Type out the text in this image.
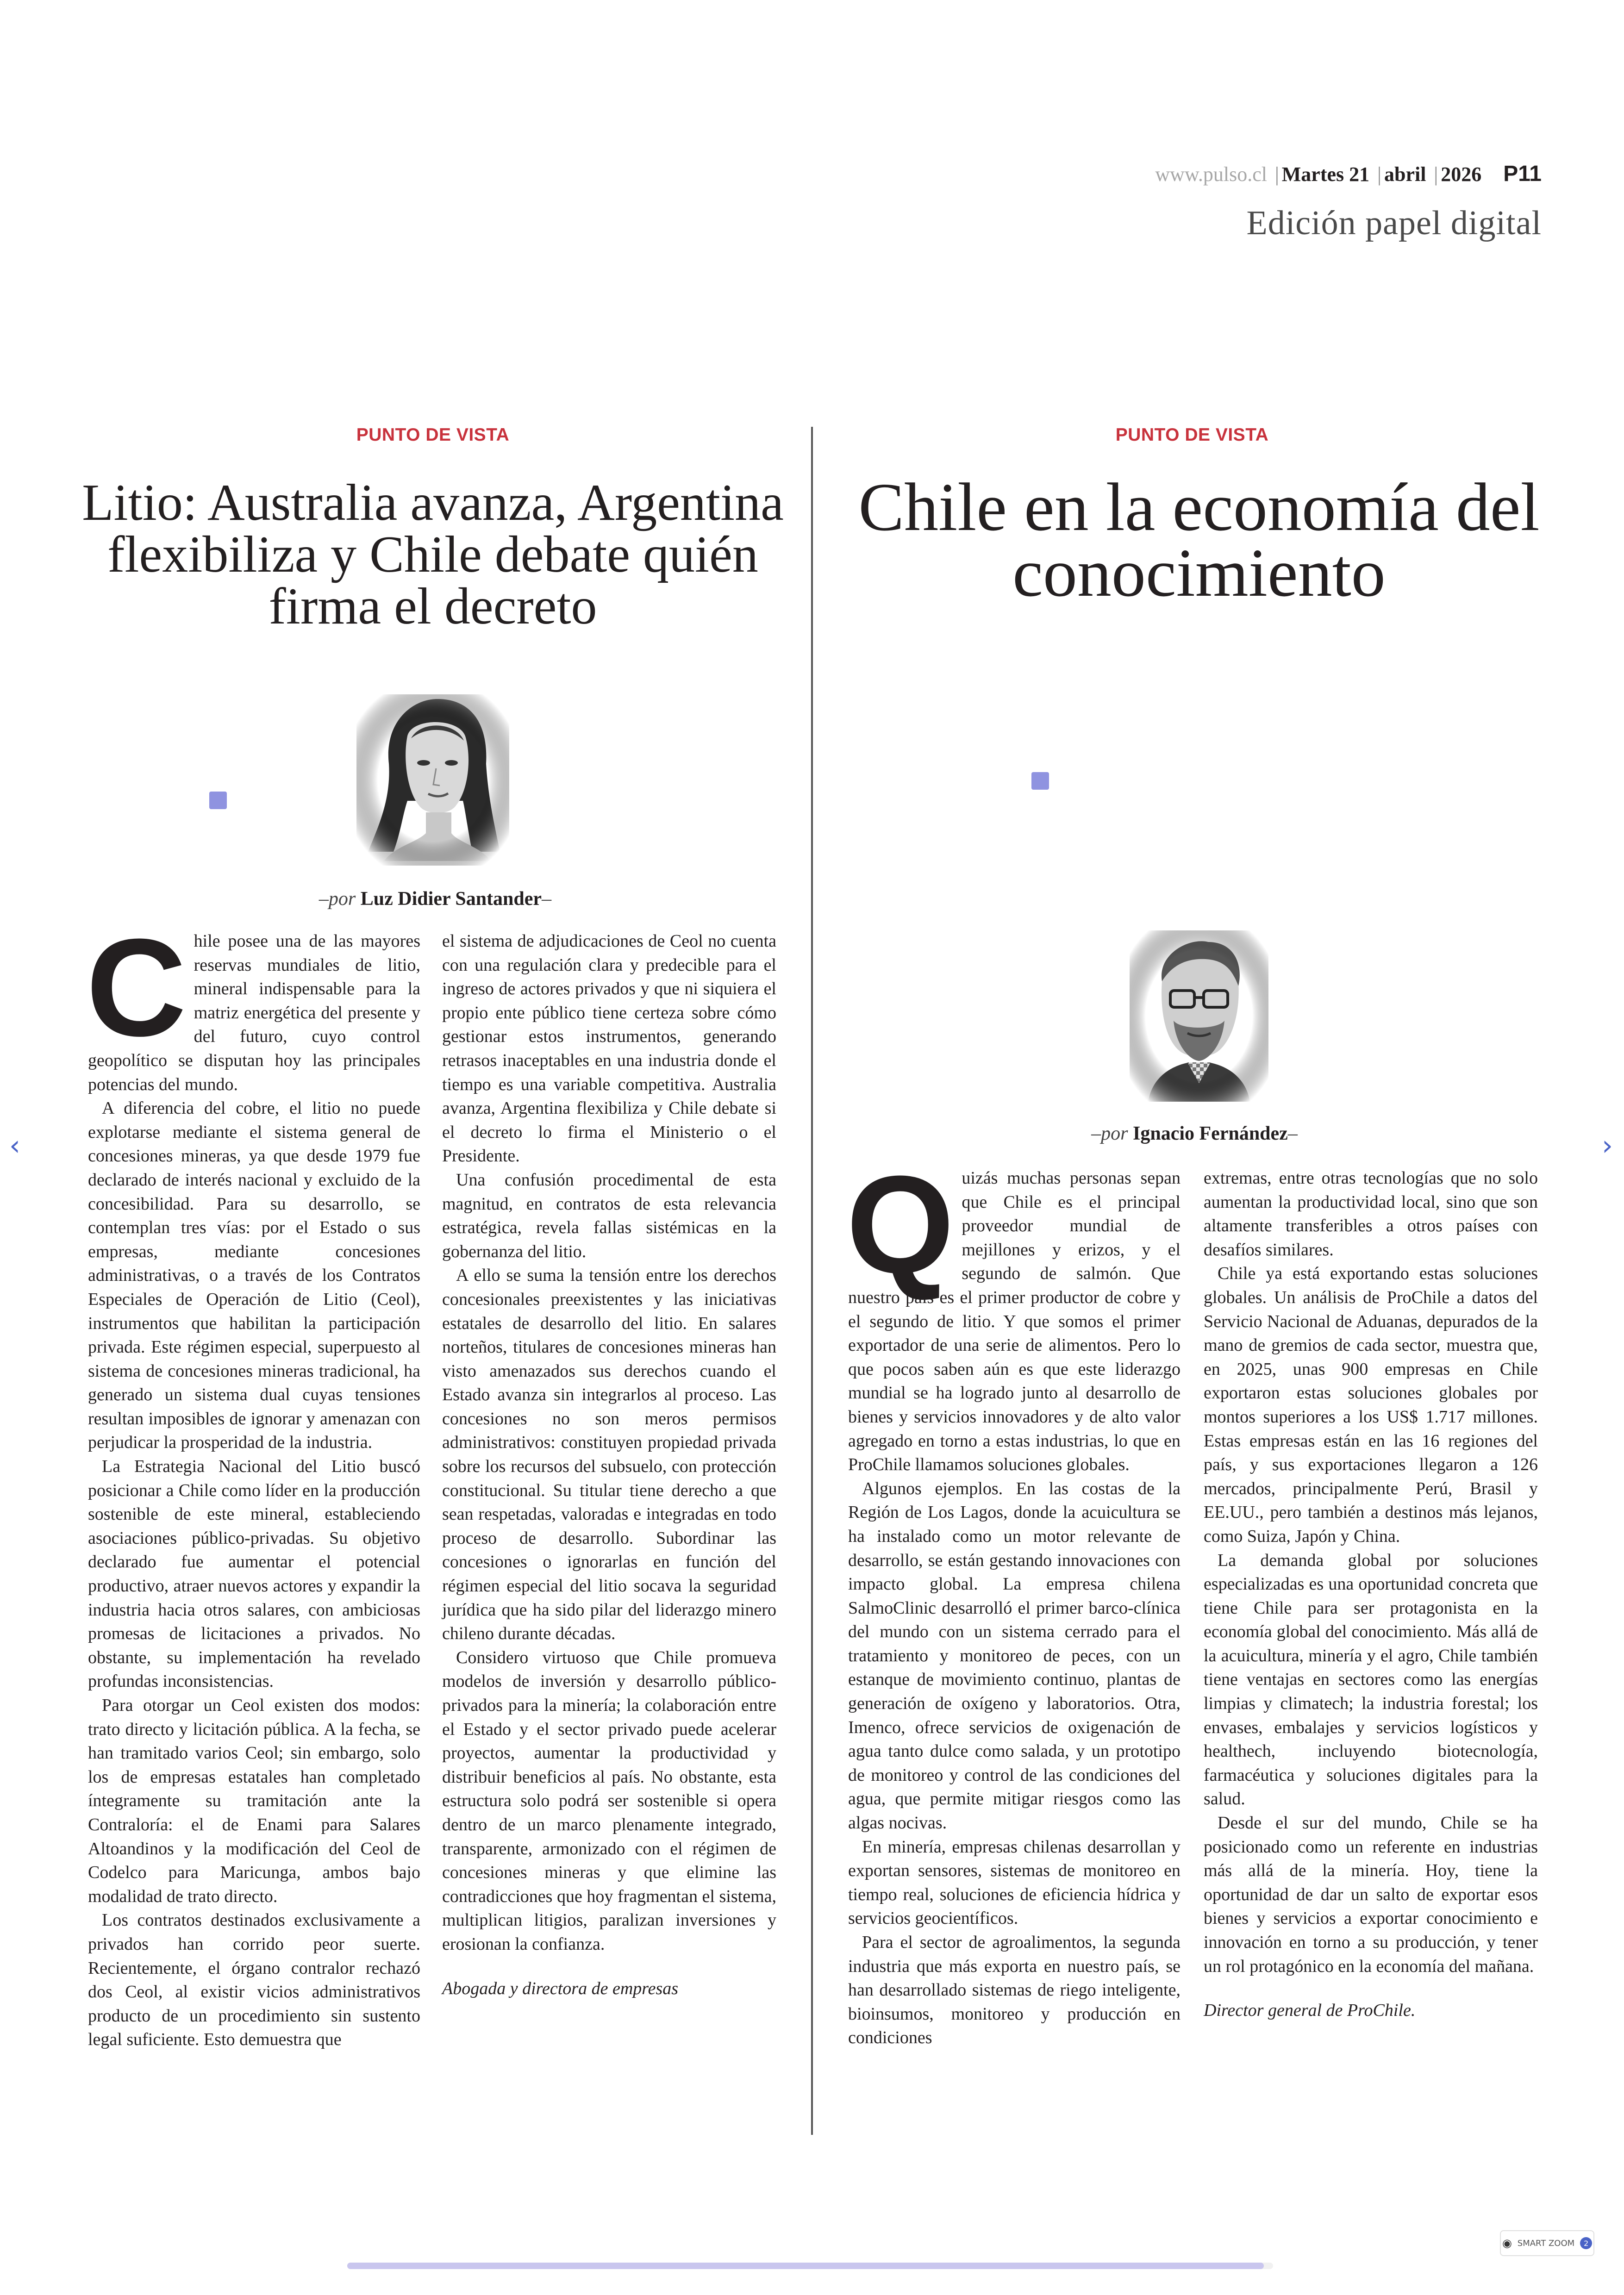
www.pulso.cl | Martes 21 | abril | 2026 P11
Edición papel digital
PUNTO DE VISTA
Litio: Australia avanza, Argentina flexibiliza y Chile debate quién firma el decreto
–por Luz Didier Santander–
C hile posee una de las mayores reservas mundiales de litio, mineral indispensable para la matriz energética del presente y del futuro, cuyo control geopolítico se disputan hoy las principales potencias del mundo.

A diferencia del cobre, el litio no puede explotarse mediante el sistema general de concesiones mineras, ya que desde 1979 fue declarado de interés nacional y excluido de la concesibilidad. Para su desarrollo, se contemplan tres vías: por el Estado o sus empresas, mediante concesiones administrativas, o a través de los Contratos Especiales de Operación de Litio (Ceol), instrumentos que habilitan la participación privada. Este régimen especial, superpuesto al sistema de concesiones mineras tradicional, ha generado un sistema dual cuyas tensiones resultan imposibles de ignorar y amenazan con perjudicar la prosperidad de la industria.

La Estrategia Nacional del Litio buscó posicionar a Chile como líder en la producción sostenible de este mineral, estableciendo asociaciones público-privadas. Su objetivo declarado fue aumentar el potencial productivo, atraer nuevos actores y expandir la industria hacia otros salares, con ambiciosas promesas de licitaciones a privados. No obstante, su implementación ha revelado profundas inconsistencias.

Para otorgar un Ceol existen dos modos: trato directo y licitación pública. A la fecha, se han tramitado varios Ceol; sin embargo, solo los de empresas estatales han completado íntegramente su tramitación ante la Contraloría: el de Enami para Salares Altoandinos y la modificación del Ceol de Codelco para Maricunga, ambos bajo modalidad de trato directo.

Los contratos destinados exclusivamente a privados han corrido peor suerte. Recientemente, el órgano contralor rechazó dos Ceol, al existir vicios administrativos producto de un procedimiento sin sustento legal suficiente. Esto demuestra que

el sistema de adjudicaciones de Ceol no cuenta con una regulación clara y predecible para el ingreso de actores privados y que ni siquiera el propio ente público tiene certeza sobre cómo gestionar estos instrumentos, generando retrasos inaceptables en una industria donde el tiempo es una variable competitiva. Australia avanza, Argentina flexibiliza y Chile debate si el decreto lo firma el Ministerio o el Presidente.

Una confusión procedimental de esta magnitud, en contratos de esta relevancia estratégica, revela fallas sistémicas en la gobernanza del litio.

A ello se suma la tensión entre los derechos concesionales preexistentes y las iniciativas estatales de desarrollo del litio. En salares norteños, titulares de concesiones mineras han visto amenazados sus derechos cuando el Estado avanza sin integrarlos al proceso. Las concesiones no son meros permisos administrativos: constituyen propiedad privada sobre los recursos del subsuelo, con protección constitucional. Su titular tiene derecho a que sean respetadas, valoradas e integradas en todo proceso de desarrollo. Subordinar las concesiones o ignorarlas en función del régimen especial del litio socava la seguridad jurídica que ha sido pilar del liderazgo minero chileno durante décadas.

Considero virtuoso que Chile promueva modelos de inversión y desarrollo público-privados para la minería; la colaboración entre el Estado y el sector privado puede acelerar proyectos, aumentar la productividad y distribuir beneficios al país. No obstante, esta estructura solo podrá ser sostenible si opera dentro de un marco plenamente integrado, transparente, armonizado con el régimen de concesiones mineras y que elimine las contradicciones que hoy fragmentan el sistema, multiplican litigios, paralizan inversiones y erosionan la confianza.

Abogada y directora de empresas

PUNTO DE VISTA
Chile en la economía del conocimiento
–por Ignacio Fernández–
Q uizás muchas personas sepan que Chile es el principal proveedor mundial de mejillones y erizos, y el segundo de salmón. Que nuestro país es el primer productor de cobre y el segundo de litio. Y que somos el primer exportador de una serie de alimentos. Pero lo que pocos saben aún es que este liderazgo mundial se ha logrado junto al desarrollo de bienes y servicios innovadores y de alto valor agregado en torno a estas industrias, lo que en ProChile llamamos soluciones globales.

Algunos ejemplos. En las costas de la Región de Los Lagos, donde la acuicultura se ha instalado como un motor relevante de desarrollo, se están gestando innovaciones con impacto global. La empresa chilena SalmoClinic desarrolló el primer barco-clínica del mundo con un sistema cerrado para el tratamiento y monitoreo de peces, con un estanque de movimiento continuo, plantas de generación de oxígeno y laboratorios. Otra, Imenco, ofrece servicios de oxigenación de agua tanto dulce como salada, y un prototipo de monitoreo y control de las condiciones del agua, que permite mitigar riesgos como las algas nocivas.

En minería, empresas chilenas desarrollan y exportan sensores, sistemas de monitoreo en tiempo real, soluciones de eficiencia hídrica y servicios geocientíficos.

Para el sector de agroalimentos, la segunda industria que más exporta en nuestro país, se han desarrollado sistemas de riego inteligente, bioinsumos, monitoreo y producción en condiciones

extremas, entre otras tecnologías que no solo aumentan la productividad local, sino que son altamente transferibles a otros países con desafíos similares.

Chile ya está exportando estas soluciones globales. Un análisis de ProChile a datos del Servicio Nacional de Aduanas, depurados de la mano de gremios de cada sector, muestra que, en 2025, unas 900 empresas en Chile exportaron estas soluciones globales por montos superiores a los US$ 1.717 millones. Estas empresas están en las 16 regiones del país, y sus exportaciones llegaron a 126 mercados, principalmente Perú, Brasil y EE.UU., pero también a destinos más lejanos, como Suiza, Japón y China.

La demanda global por soluciones especializadas es una oportunidad concreta que tiene Chile para ser protagonista en la economía global del conocimiento. Más allá de la acuicultura, minería y el agro, Chile también tiene ventajas en sectores como las energías limpias y climatech; la industria forestal; los envases, embalajes y servicios logísticos y healthech, incluyendo biotecnología, farmacéutica y soluciones digitales para la salud.

Desde el sur del mundo, Chile se ha posicionado como un referente en industrias más allá de la minería. Hoy, tiene la oportunidad de dar un salto de exportar esos bienes y servicios a exportar conocimiento e innovación en torno a su producción, y tener un rol protagónico en la economía del mañana.

Director general de ProChile.

‹	›
◉ SMART ZOOM	2
